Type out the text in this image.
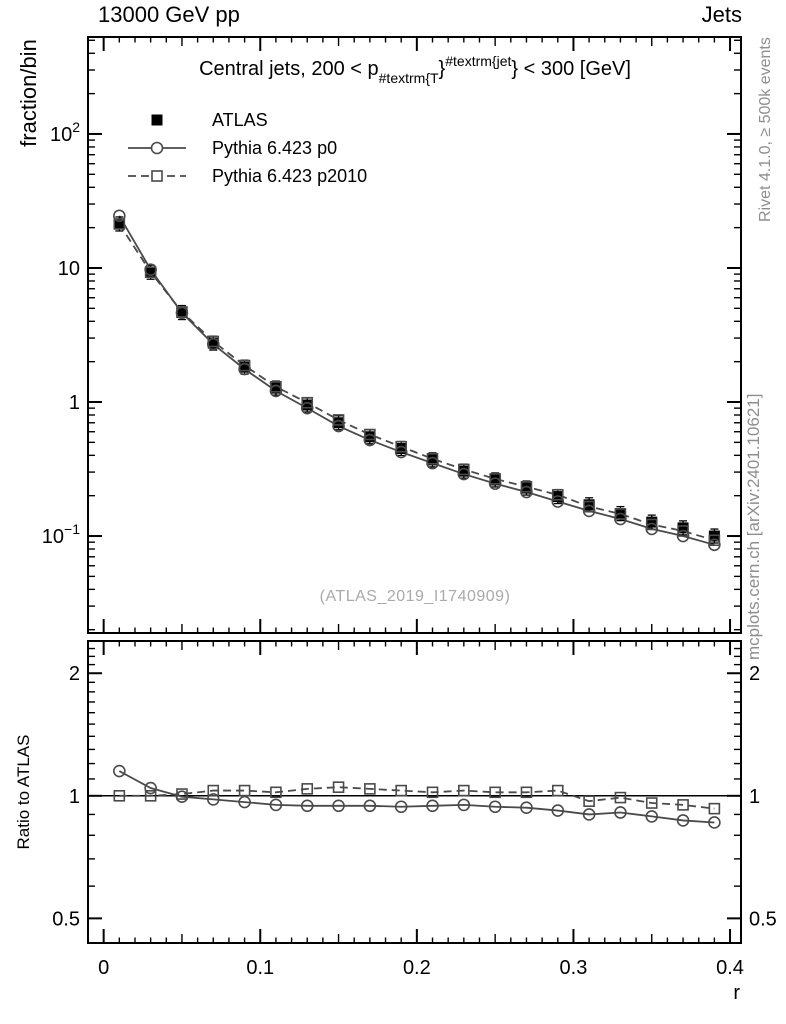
0	0.1	0.2	0.3	0.4
$10^2$
10
1
$10^{-1}$
2	2
1	1
0.5	0.5
13000 GeV pp	Jets
Central jets, $200 < p_{\#textrm\{T}\}^{\#textrm\{jet}\} < 300$ [GeV]
ATLAS
Pythia 6.423 p0
Pythia 6.423 p2010
(ATLAS_2019_I1740909)
fraction/bin
Ratio to ATLAS
r
Rivet 4.1.0, ≥ 500k events
mcplots.cern.ch [arXiv:2401.10621]
